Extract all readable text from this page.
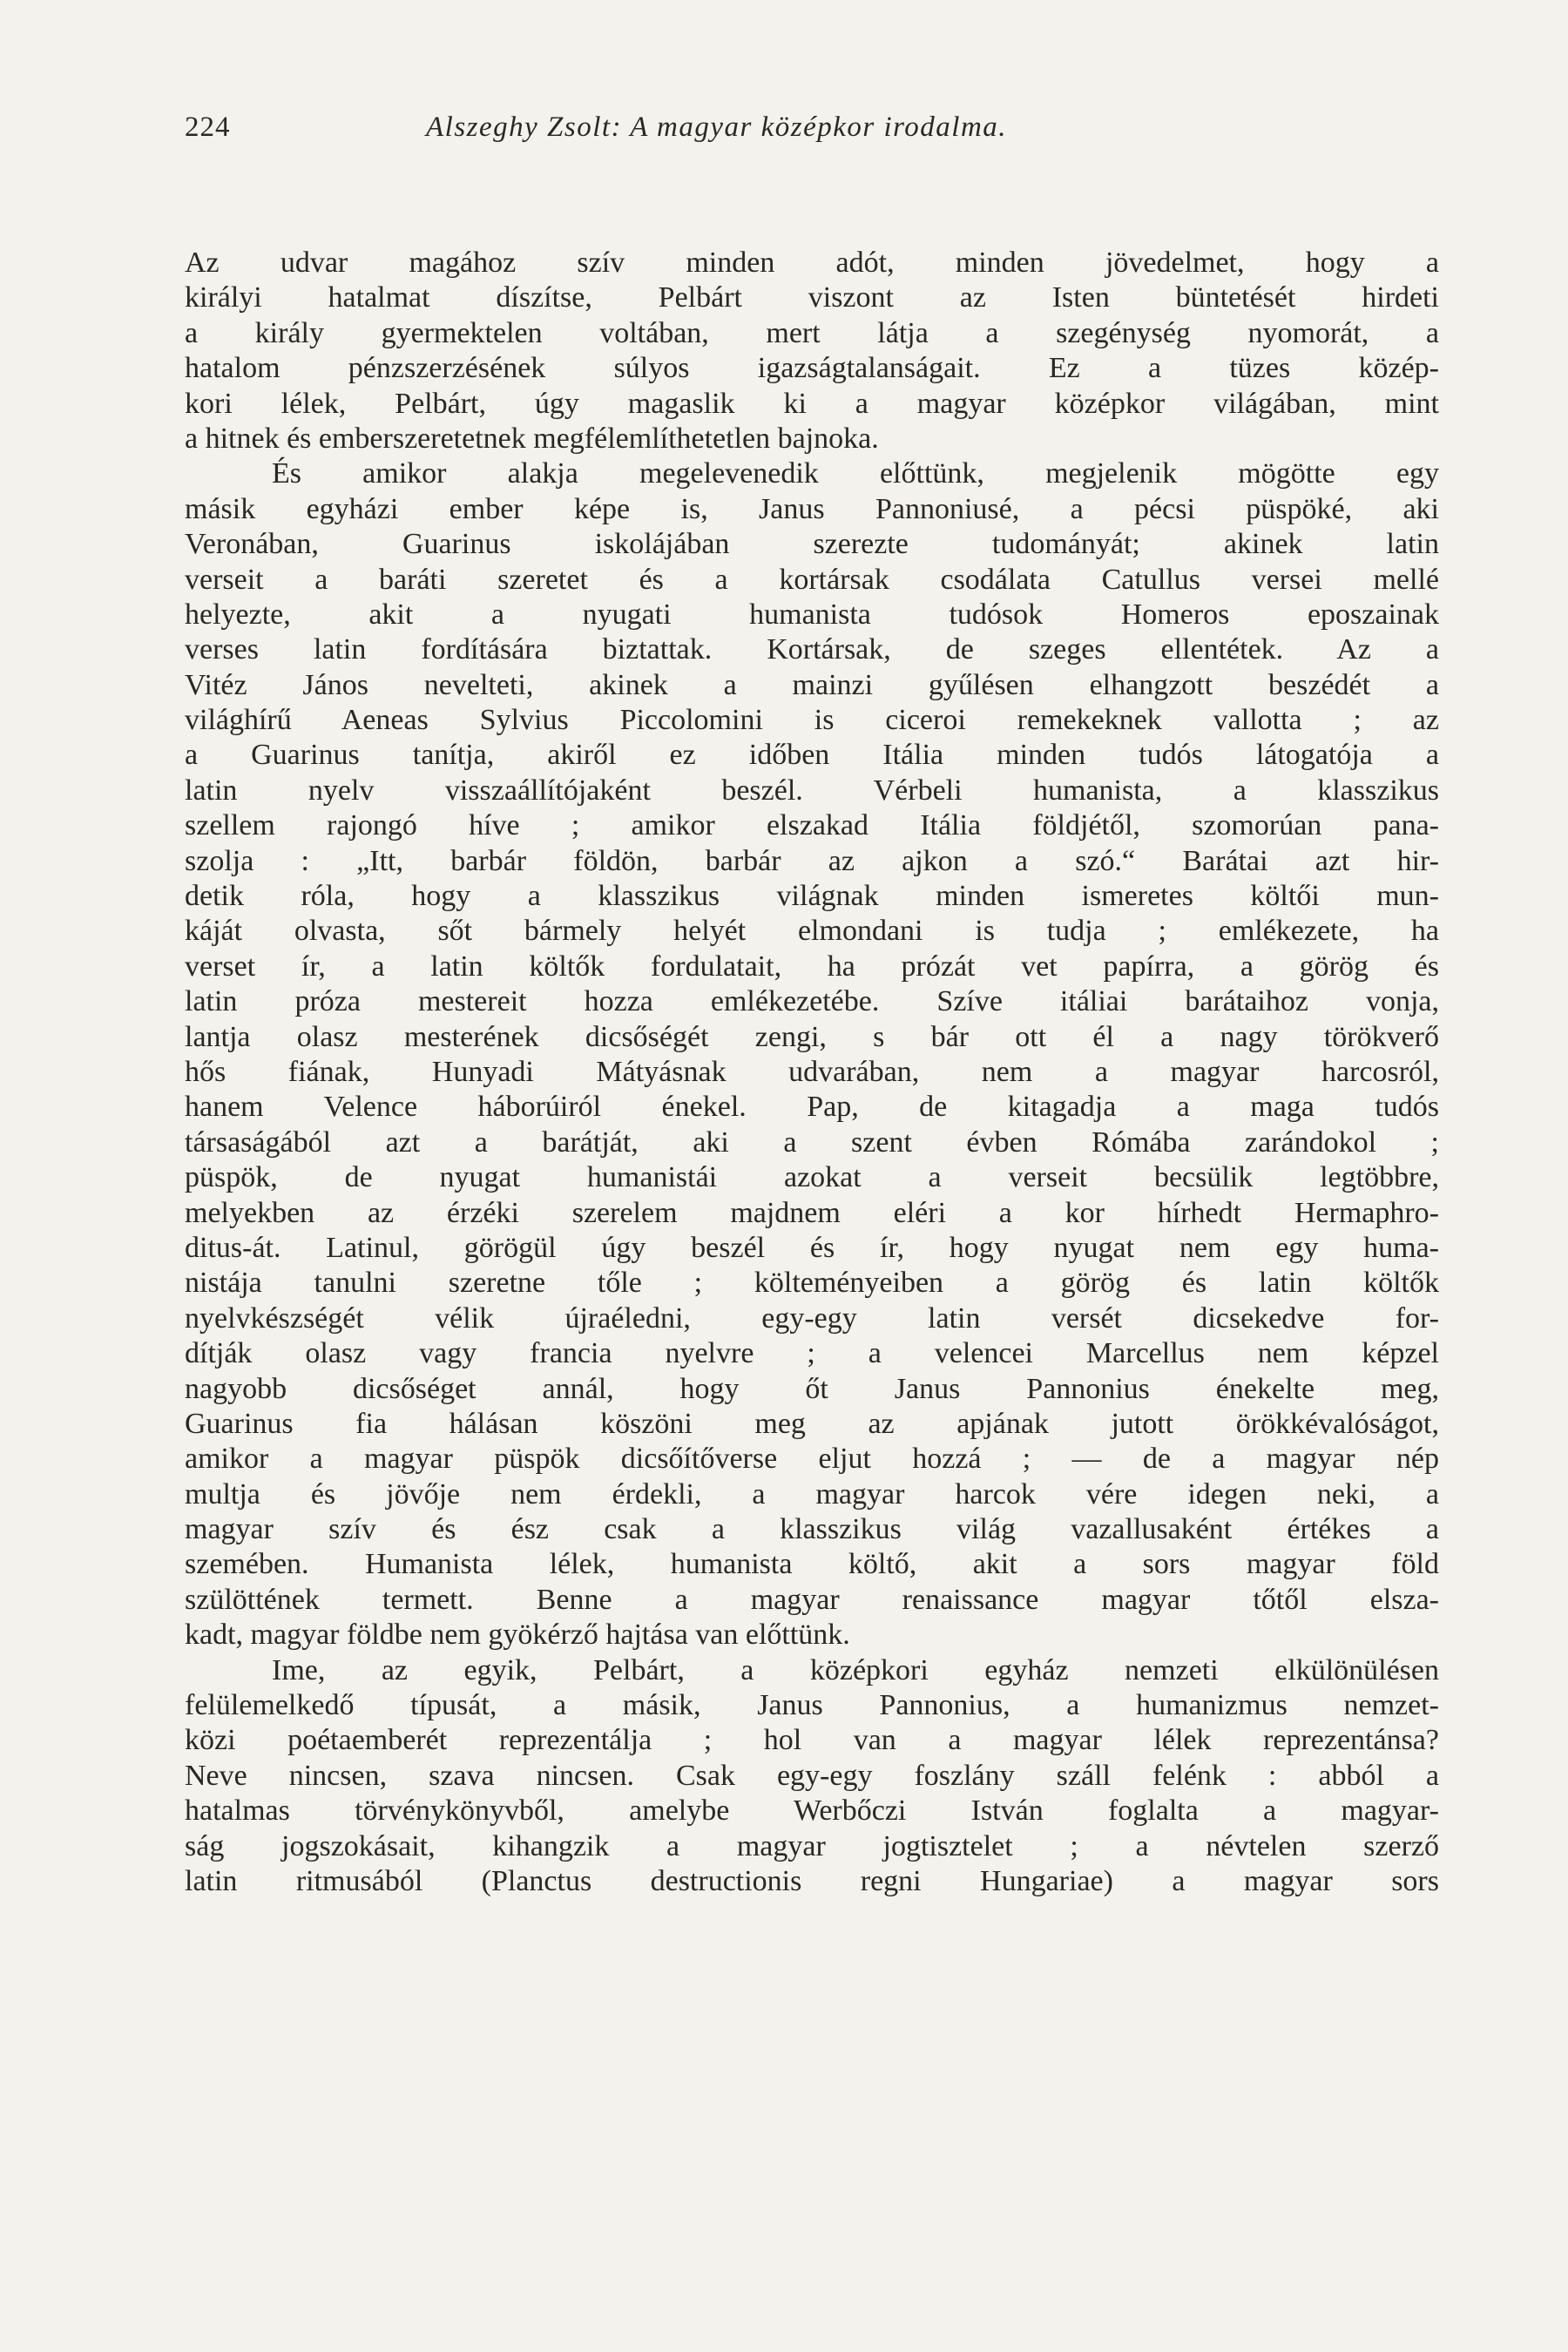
224	Alszeghy Zsolt: A magyar középkor irodalma.
Az udvar magához szív minden adót, minden jövedelmet, hogy a
királyi hatalmat díszítse, Pelbárt viszont az Isten büntetését hirdeti
a király gyermektelen voltában, mert látja a szegénység nyomorát, a
hatalom pénzszerzésének súlyos igazságtalanságait. Ez a tüzes közép-
kori lélek, Pelbárt, úgy magaslik ki a magyar középkor világában, mint
a hitnek és emberszeretetnek megfélemlíthetetlen bajnoka.
És amikor alakja megelevenedik előttünk, megjelenik mögötte egy
másik egyházi ember képe is, Janus Pannoniusé, a pécsi püspöké, aki
Veronában, Guarinus iskolájában szerezte tudományát; akinek latin
verseit a baráti szeretet és a kortársak csodálata Catullus versei mellé
helyezte, akit a nyugati humanista tudósok Homeros eposzainak
verses latin fordítására biztattak. Kortársak, de szeges ellentétek. Az a
Vitéz János nevelteti, akinek a mainzi gyűlésen elhangzott beszédét a
világhírű Aeneas Sylvius Piccolomini is ciceroi remekeknek vallotta ; az
a Guarinus tanítja, akiről ez időben Itália minden tudós látogatója a
latin nyelv visszaállítójaként beszél. Vérbeli humanista, a klasszikus
szellem rajongó híve ; amikor elszakad Itália földjétől, szomorúan pana-
szolja : „Itt, barbár földön, barbár az ajkon a szó.“ Barátai azt hir-
detik róla, hogy a klasszikus világnak minden ismeretes költői mun-
káját olvasta, sőt bármely helyét elmondani is tudja ; emlékezete, ha
verset ír, a latin költők fordulatait, ha prózát vet papírra, a görög és
latin próza mestereit hozza emlékezetébe. Szíve itáliai barátaihoz vonja,
lantja olasz mesterének dicsőségét zengi, s bár ott él a nagy törökverő
hős fiának, Hunyadi Mátyásnak udvarában, nem a magyar harcosról,
hanem Velence háborúiról énekel. Pap, de kitagadja a maga tudós
társaságából azt a barátját, aki a szent évben Rómába zarándokol ;
püspök, de nyugat humanistái azokat a verseit becsülik legtöbbre,
melyekben az érzéki szerelem majdnem eléri a kor hírhedt Hermaphro-
ditus-át. Latinul, görögül úgy beszél és ír, hogy nyugat nem egy huma-
nistája tanulni szeretne tőle ; költeményeiben a görög és latin költők
nyelvkészségét vélik újraéledni, egy-egy latin versét dicsekedve for-
dítják olasz vagy francia nyelvre ; a velencei Marcellus nem képzel
nagyobb dicsőséget annál, hogy őt Janus Pannonius énekelte meg,
Guarinus fia hálásan köszöni meg az apjának jutott örökkévalóságot,
amikor a magyar püspök dicsőítőverse eljut hozzá ; — de a magyar nép
multja és jövője nem érdekli, a magyar harcok vére idegen neki, a
magyar szív és ész csak a klasszikus világ vazallusaként értékes a
szemében. Humanista lélek, humanista költő, akit a sors magyar föld
szülöttének termett. Benne a magyar renaissance magyar tőtől elsza-
kadt, magyar földbe nem gyökérző hajtása van előttünk.
Ime, az egyik, Pelbárt, a középkori egyház nemzeti elkülönülésen
felülemelkedő típusát, a másik, Janus Pannonius, a humanizmus nemzet-
közi poétaemberét reprezentálja ; hol van a magyar lélek reprezentánsa?
Neve nincsen, szava nincsen. Csak egy-egy foszlány száll felénk : abból a
hatalmas törvénykönyvből, amelybe Werbőczi István foglalta a magyar-
ság jogszokásait, kihangzik a magyar jogtisztelet ; a névtelen szerző
latin ritmusából (Planctus destructionis regni Hungariae) a magyar sors
